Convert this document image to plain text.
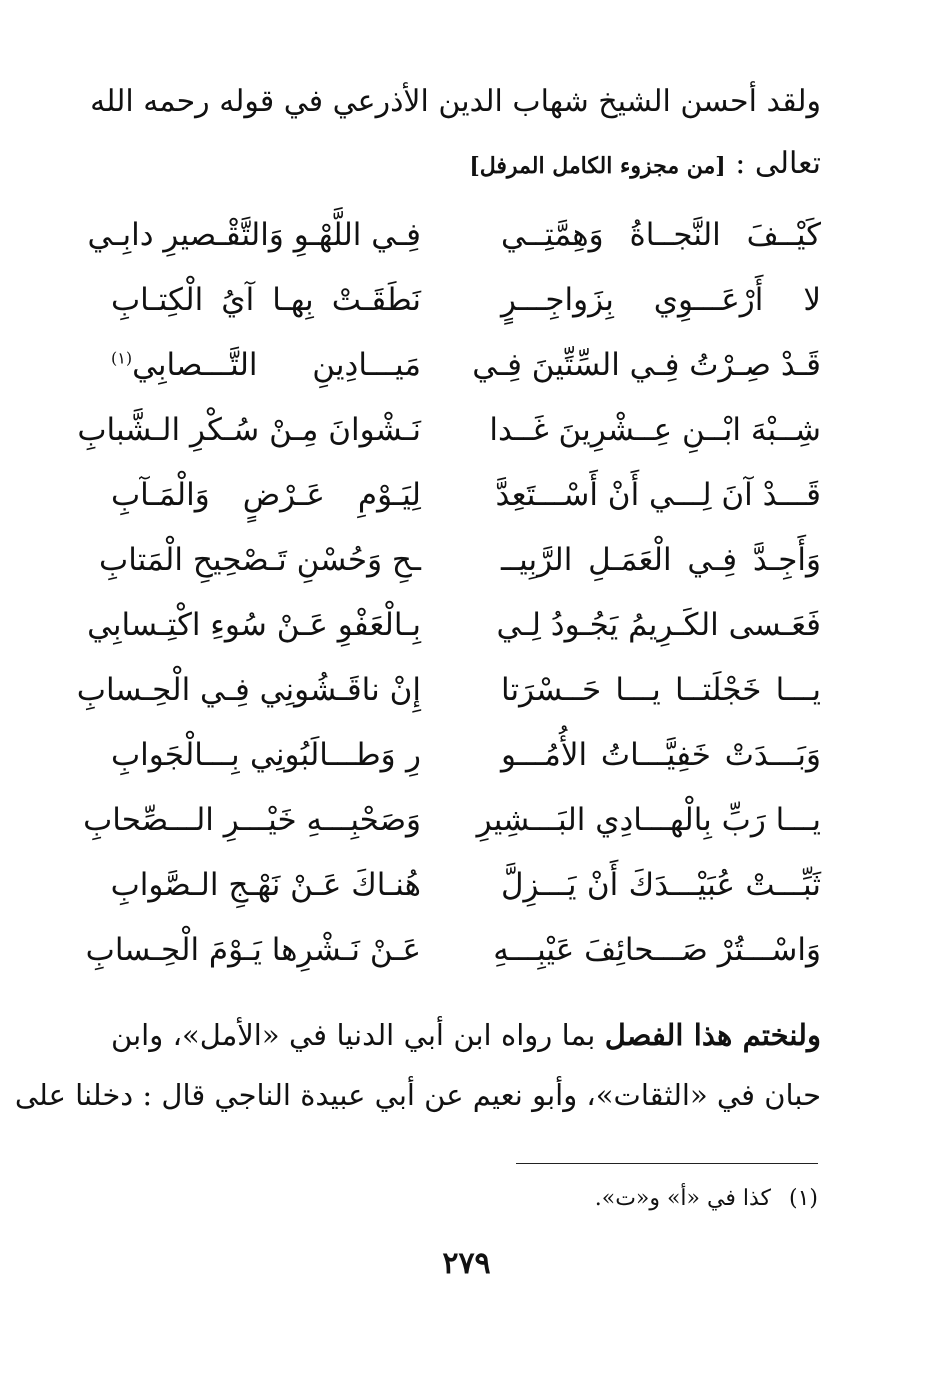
ولقد أحسن الشيخ شهاب الدين الأذرعي في قوله رحمه الله
تعالى : [من مجزوء الكامل المرفل]
كَيْــفَ النَّجــاةُ وَهِمَّتِــي
فِـي اللَّهْـوِ وَالتَّقْـصيرِ دابِـي
لا أَرْعَـــوِي بِزَواجِـــرٍ
نَطَقَـتْ بِهـا آيُ الْكِتـابِ
قَـدْ صِـرْتُ فِـي السِّتِّينَ فِـي
مَيـــادِينِ التَّـــصابِي$^{(١)}$
شِــبْهَ ابْــنِ عِــشْرِينَ غَــدا
نَـشْوانَ مِـنْ سُـكْرِ الـشَّبابِ
قَـــدْ آنَ لِـــي أَنْ أَسْـــتَعِدَّ
لِيَـوْمِ عَـرْضٍ وَالْمَـآبِ
وَأَجِـدَّ فِـي الْعَمَـلِ الرَّبِيــ
ـحِ وَحُسْنِ تَـصْحِيحِ الْمَتابِ
فَعَـسى الكَـرِيمُ يَجُـودُ لِـي
بِـالْعَفْوِ عَـنْ سُوءِ اكْتِـسابِي
يـــا خَجْلَتــا يـــا حَــسْرَتا
إِنْ ناقَـشُونِي فِـي الْحِـسابِ
وَبَـــدَتْ خَفِيَّـــاتُ الأُمُـــو
رِ وَطـــالَبُونِي بِـــالْجَوابِ
يـــا رَبِّ بِالْهـــادِي البَـــشِيرِ
وَصَحْبِـــهِ خَيْـــرِ الـــصِّحابِ
ثَبِّـــتْ عُبَيْـــدَكَ أَنْ يَـــزِلَّ
هُنـاكَ عَـنْ نَهْـجِ الـصَّوابِ
وَاسْـــتُرْ صَـــحائِفَ عَيْبِـــهِ
عَـنْ نَـشْرِها يَـوْمَ الْحِـسابِ
ولنختم هذا الفصل بما رواه ابن أبي الدنيا في «الأمل»، وابن
حبان في «الثقات»، وأبو نعيم عن أبي عبيدة الناجي قال : دخلنا على
(١)كذا في «أ» و«ت».
٢٧٩
